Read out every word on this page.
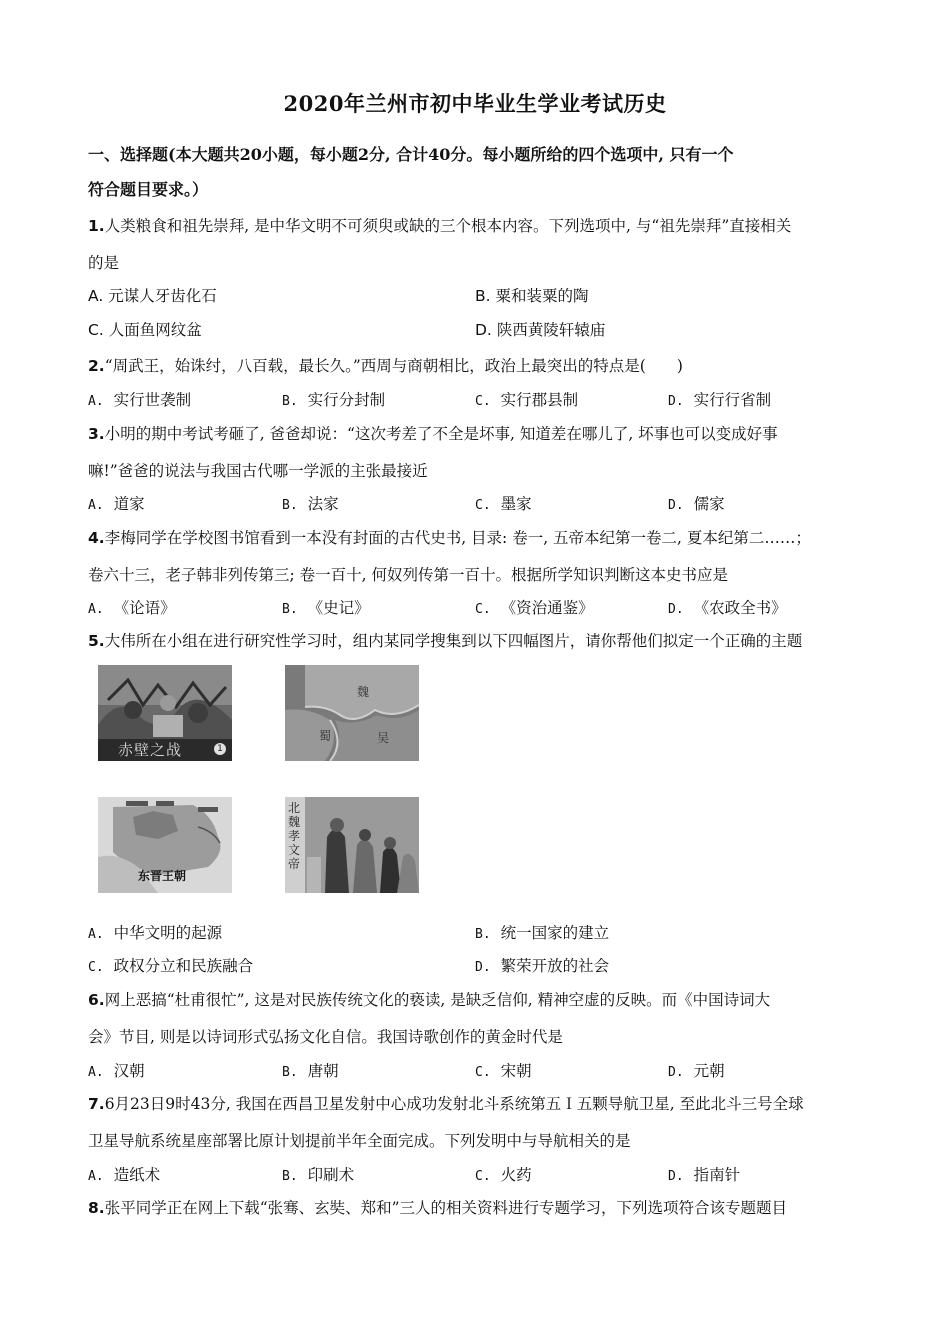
2020年兰州市初中毕业生学业考试历史
一、选择题(本大题共20小题，每小题2分, 合计40分。每小题所给的四个选项中, 只有一个
符合题目要求。）
1.人类粮食和祖先崇拜, 是中华文明不可须臾或缺的三个根本内容。下列选项中, 与“祖先崇拜”直接相关
的是
A. 元谋人牙齿化石	B. 粟和装粟的陶
C. 人面鱼网纹盆	D. 陕西黄陵轩辕庙
2.“周武王，始诛纣，八百载，最长久。”西周与商朝相比，政治上最突出的特点是(　　)
A. 实行世袭制	B. 实行分封制	C. 实行郡县制	D. 实行行省制
3.小明的期中考试考砸了, 爸爸却说：“这次考差了不全是坏事, 知道差在哪儿了, 坏事也可以变成好事
嘛!”爸爸的说法与我国古代哪一学派的主张最接近
A. 道家	B. 法家	C. 墨家	D. 儒家
4.李梅同学在学校图书馆看到一本没有封面的古代史书, 目录: 卷一, 五帝本纪第一卷二, 夏本纪第二……；
卷六十三，老子韩非列传第三; 卷一百十, 何奴列传第一百十。根据所学知识判断这本史书应是
A. 《论语》	B. 《史记》	C. 《资治通鉴》	D. 《农政全书》
5.大伟所在小组在进行研究性学习时，组内某同学搜集到以下四幅图片，请你帮他们拟定一个正确的主题
赤壁之战	1
魏
蜀	吴
东晋王朝
北魏孝文帝
A. 中华文明的起源	B. 统一国家的建立
C. 政权分立和民族融合	D. 繁荣开放的社会
6.网上恶搞“杜甫很忙”, 这是对民族传统文化的亵读, 是缺乏信仰, 精神空虚的反映。而《中国诗词大
会》节目, 则是以诗词形式弘扬文化自信。我国诗歌创作的黄金时代是
A. 汉朝	B. 唐朝	C. 宋朝	D. 元朝
7.6月23日9时43分, 我国在西昌卫星发射中心成功发射北斗系统第五Ｉ五颗导航卫星, 至此北斗三号全球
卫星导航系统星座部署比原计划提前半年全面完成。下列发明中与导航相关的是
A. 造纸术	B. 印刷术	C. 火药	D. 指南针
8.张平同学正在网上下载“张骞、玄奘、郑和”三人的相关资料进行专题学习，下列选项符合该专题题目
